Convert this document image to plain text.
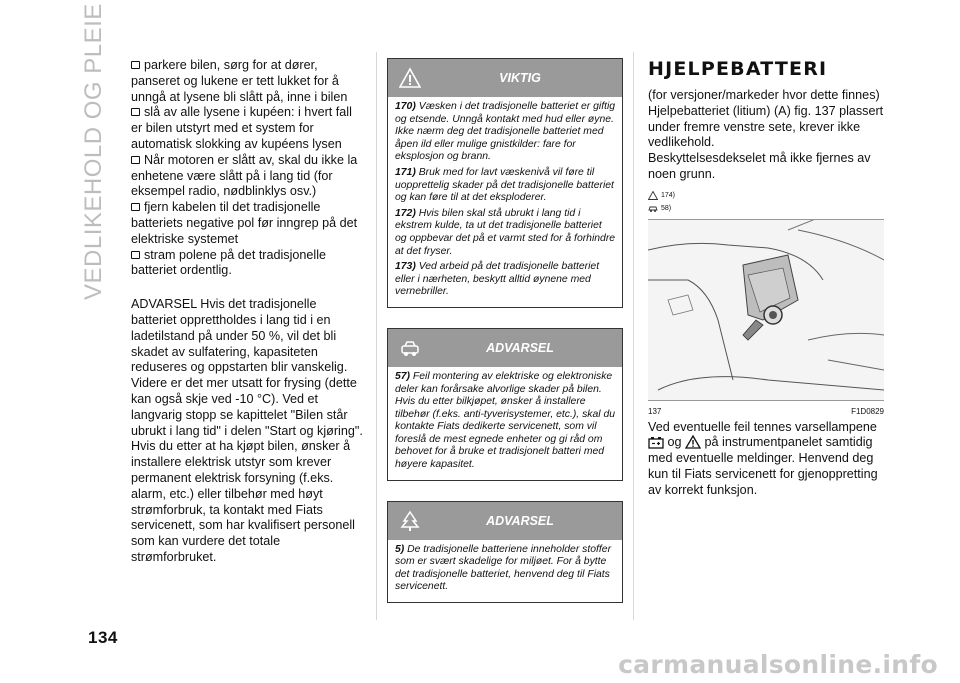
VEDLIKEHOLD OG PLEIE	parkere bilen, sørg for at dører, panseret og lukene er tett lukket for å unngå at lysene bli slått på, inne i bilen

slå av alle lysene i kupéen: i hvert fall er bilen utstyrt med et system for automatisk slokking av kupéens lysen

Når motoren er slått av, skal du ikke la enhetene være slått på i lang tid (for eksempel radio, nødblinklys osv.)

fjern kabelen til det tradisjonelle batteriets negative pol før inngrep på det elektriske systemet

stram polene på det tradisjonelle batteriet ordentlig.

ADVARSEL Hvis det tradisjonelle batteriet opprettholdes i lang tid i en ladetilstand på under 50 %, vil det bli skadet av sulfatering, kapasiteten reduseres og oppstarten blir vanskelig. Videre er det mer utsatt for frysing (dette kan også skje ved -10 °C). Ved et langvarig stopp se kapittelet "Bilen står ubrukt i lang tid" i delen "Start og kjøring". Hvis du etter at ha kjøpt bilen, ønsker å installere elektrisk utstyr som krever permanent elektrisk forsyning (f.eks. alarm, etc.) eller tilbehør med høyt strømforbruk, ta kontakt med Fiats servicenett, som har kvalifisert personell som kan vurdere det totale strømforbruket.

VIKTIG

170) Væsken i det tradisjonelle batteriet er giftig og etsende. Unngå kontakt med hud eller øyne. Ikke nærm deg det tradisjonelle batteriet med åpen ild eller mulige gnistkilder: fare for eksplosjon og brann.

171) Bruk med for lavt væskenivå vil føre til uopprettelig skader på det tradisjonelle batteriet og kan føre til at det eksploderer.

172) Hvis bilen skal stå ubrukt i lang tid i ekstrem kulde, ta ut det tradisjonelle batteriet og oppbevar det på et varmt sted for å forhindre at det fryser.

173) Ved arbeid på det tradisjonelle batteriet eller i nærheten, beskytt alltid øynene med vernebriller.

ADVARSEL

57) Feil montering av elektriske og elektroniske deler kan forårsake alvorlige skader på bilen. Hvis du etter bilkjøpet, ønsker å installere tilbehør (f.eks. anti-tyverisystemer, etc.), skal du kontakte Fiats dedikerte servicenett, som vil foreslå de mest egnede enheter og gi råd om behovet for å bruke et tradisjonelt batteri med høyere kapasitet.

ADVARSEL

5) De tradisjonelle batteriene inneholder stoffer som er svært skadelige for miljøet. For å bytte det tradisjonelle batteriet, henvend deg til Fiats servicenett.

HJELPEBATTERI

(for versjoner/markeder hvor dette finnes)

Hjelpebatteriet (litium) (A) fig. 137 plassert under fremre venstre sete, krever ikke vedlikehold.

Beskyttelsesdekselet må ikke fjernes av noen grunn.

174)
58)
137	F1D0829

Ved eventuelle feil tennes varsellampene  og på instrumentpanelet samtidig med eventuelle meldinger. Henvend deg kun til Fiats servicenett for gjenoppretting av korrekt funksjon.

134
carmanualsonline.info
